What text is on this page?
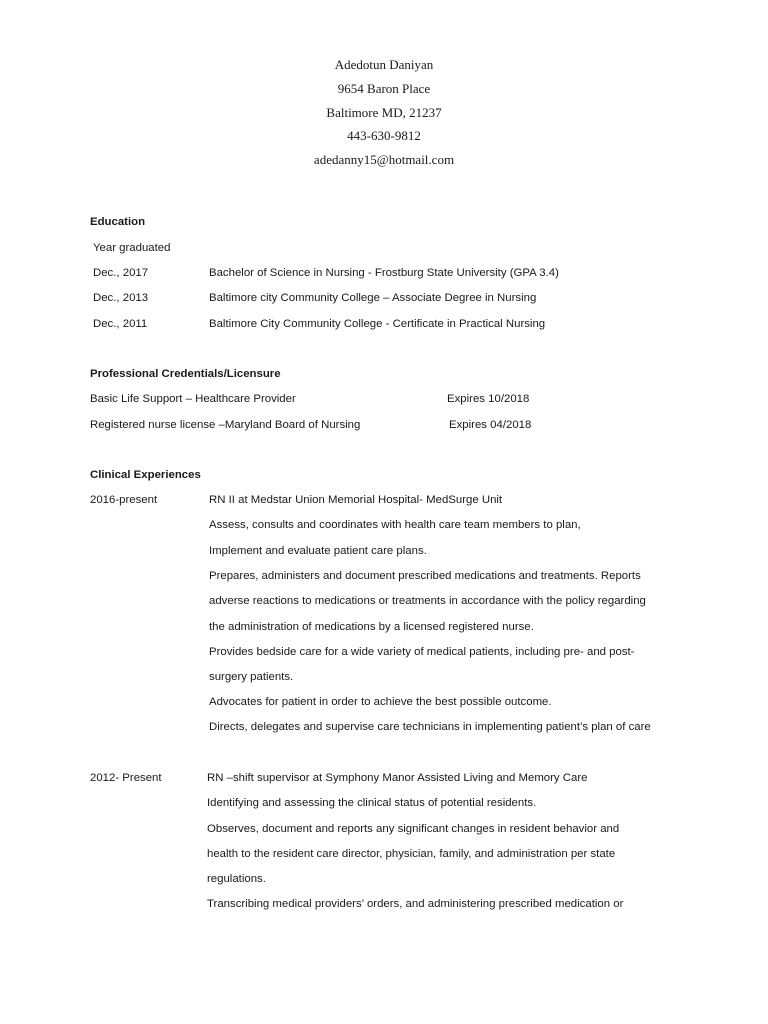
Adedotun Daniyan
9654 Baron Place
Baltimore MD, 21237
443-630-9812
adedanny15@hotmail.com
Education
Year graduated
Dec., 2017	Bachelor of Science in Nursing - Frostburg State University (GPA 3.4)
Dec., 2013	Baltimore city Community College – Associate Degree in Nursing
Dec., 2011	Baltimore City Community College - Certificate in Practical Nursing
Professional Credentials/Licensure
Basic Life Support – Healthcare Provider	Expires 10/2018
Registered nurse license –Maryland Board of Nursing	Expires 04/2018
Clinical Experiences
2016-present	RN II at Medstar Union Memorial Hospital- MedSurge Unit
Assess, consults and coordinates with health care team members to plan,
Implement and evaluate patient care plans.
Prepares, administers and document prescribed medications and treatments. Reports
adverse reactions to medications or treatments in accordance with the policy regarding
the administration of medications by a licensed registered nurse.
Provides bedside care for a wide variety of medical patients, including pre- and post-
surgery patients.
Advocates for patient in order to achieve the best possible outcome.
Directs, delegates and supervise care technicians in implementing patient’s plan of care
2012- Present	RN –shift supervisor at Symphony Manor Assisted Living and Memory Care
Identifying and assessing the clinical status of potential residents.
Observes, document and reports any significant changes in resident behavior and
health to the resident care director, physician, family, and administration per state
regulations.
Transcribing medical providers’ orders, and administering prescribed medication or
